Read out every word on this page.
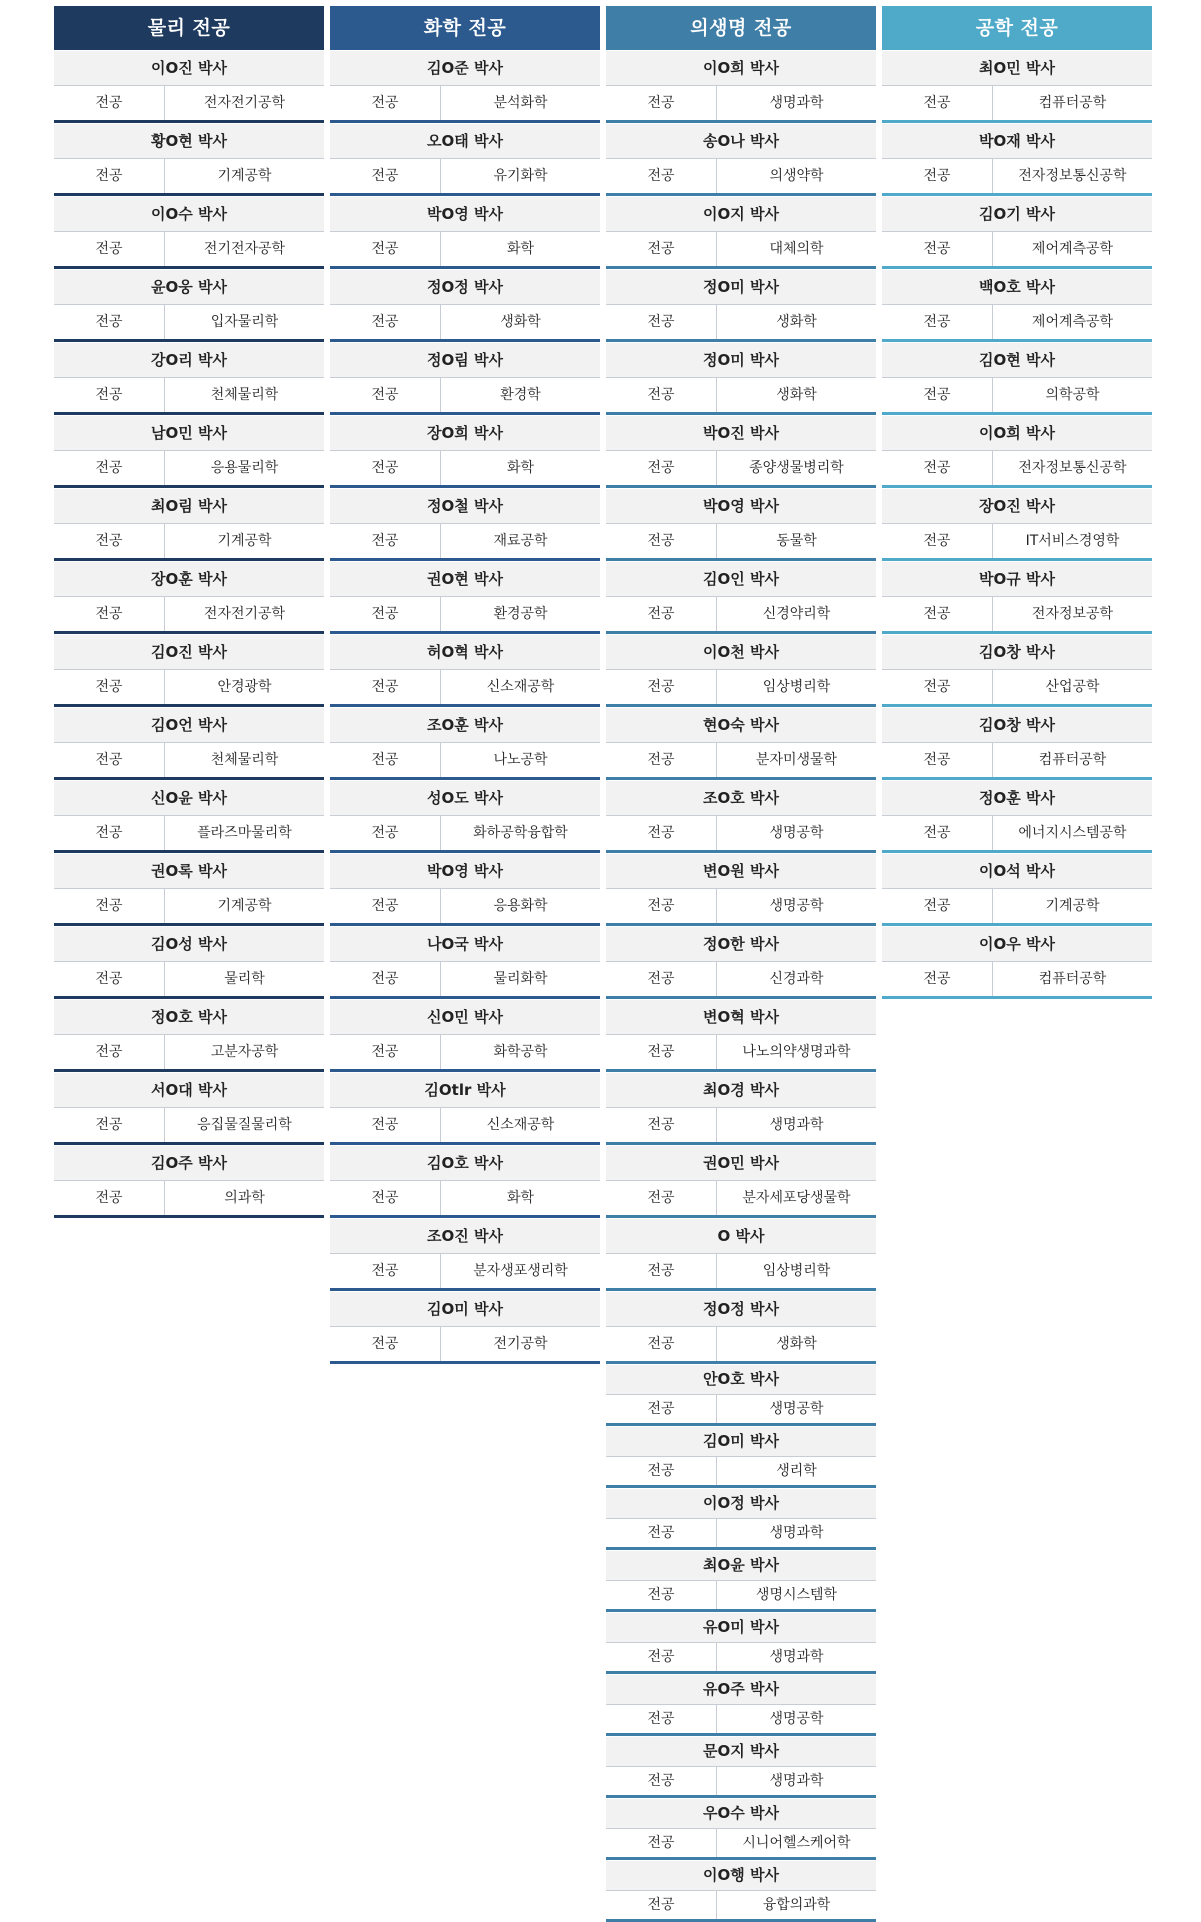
물리 전공
이O진 박사
전공	전자전기공학
황O현 박사
전공	기계공학
이O수 박사
전공	전기전자공학
윤O웅 박사
전공	입자물리학
강O리 박사
전공	천체물리학
남O민 박사
전공	응용물리학
최O림 박사
전공	기계공학
장O훈 박사
전공	전자전기공학
김O진 박사
전공	안경광학
김O언 박사
전공	천체물리학
신O윤 박사
전공	플라즈마물리학
권O록 박사
전공	기계공학
김O성 박사
전공	물리학
정O호 박사
전공	고분자공학
서O대 박사
전공	응집물질물리학
김O주 박사
전공	의과학
화학 전공
김O준 박사
전공	분석화학
오O태 박사
전공	유기화학
박O영 박사
전공	화학
정O정 박사
전공	생화학
정O림 박사
전공	환경학
장O희 박사
전공	화학
정O철 박사
전공	재료공학
권O현 박사
전공	환경공학
허O혁 박사
전공	신소재공학
조O훈 박사
전공	나노공학
성O도 박사
전공	화하공학융합학
박O영 박사
전공	응용화학
나O국 박사
전공	물리화학
신O민 박사
전공	화학공학
김Otlr 박사
전공	신소재공학
김O호 박사
전공	화학
조O진 박사
전공	분자생포생리학
김O미 박사
전공	전기공학
의생명 전공
이O희 박사
전공	생명과학
송O나 박사
전공	의생약학
이O지 박사
전공	대체의학
정O미 박사
전공	생화학
정O미 박사
전공	생화학
박O진 박사
전공	종양생물병리학
박O영 박사
전공	동물학
김O인 박사
전공	신경약리학
이O천 박사
전공	임상병리학
현O숙 박사
전공	분자미생물학
조O호 박사
전공	생명공학
변O원 박사
전공	생명공학
정O한 박사
전공	신경과학
변O혁 박사
전공	나노의약생명과학
최O경 박사
전공	생명과학
권O민 박사
전공	분자세포당생물학
O 박사
전공	임상병리학
정O정 박사
전공	생화학
안O호 박사
전공	생명공학
김O미 박사
전공	생리학
이O정 박사
전공	생명과학
최O윤 박사
전공	생명시스템학
유O미 박사
전공	생명과학
유O주 박사
전공	생명공학
문O지 박사
전공	생명과학
우O수 박사
전공	시니어헬스케어학
이O행 박사
전공	융합의과학
공학 전공
최O민 박사
전공	컴퓨터공학
박O재 박사
전공	전자정보통신공학
김O기 박사
전공	제어계측공학
백O호 박사
전공	제어계측공학
김O현 박사
전공	의학공학
이O희 박사
전공	전자정보통신공학
장O진 박사
전공	IT서비스경영학
박O규 박사
전공	전자정보공학
김O창 박사
전공	산업공학
김O창 박사
전공	컴퓨터공학
정O훈 박사
전공	에너지시스템공학
이O석 박사
전공	기계공학
이O우 박사
전공	컴퓨터공학
